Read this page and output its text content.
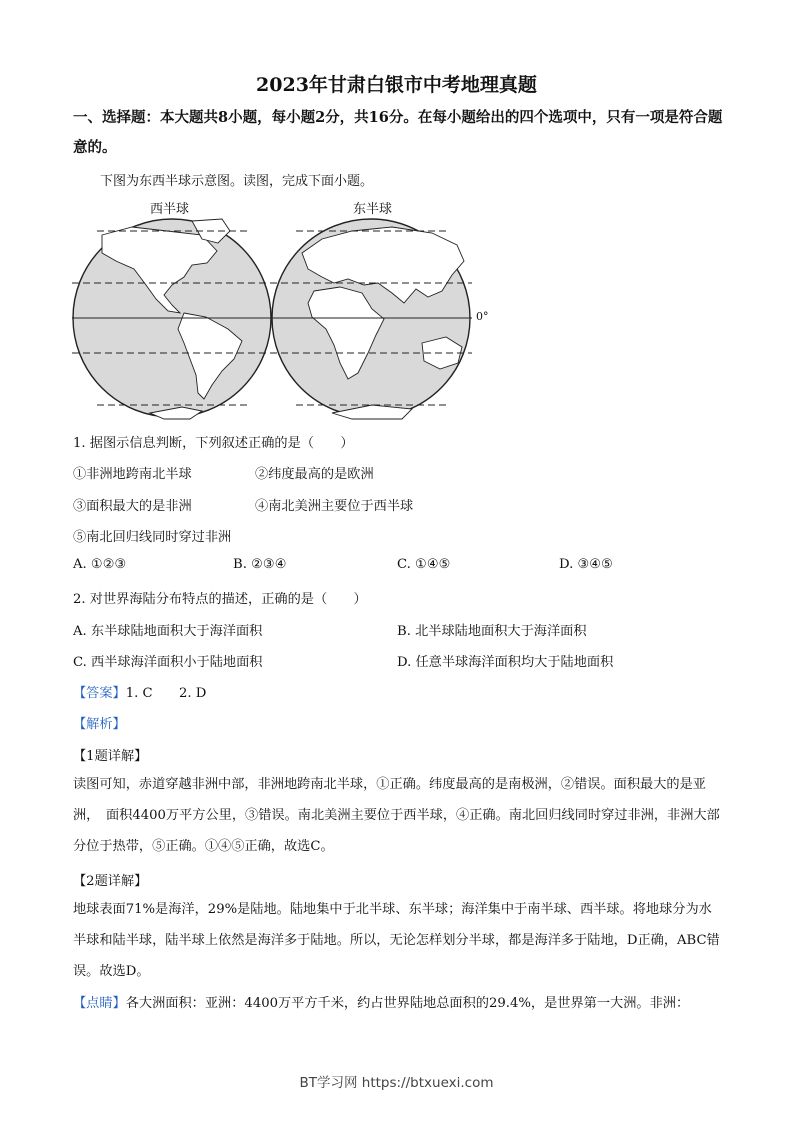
2023年甘肃白银市中考地理真题
一、选择题：本大题共8小题，每小题2分，共16分。在每小题给出的四个选项中，只有一项是符合题意的。
下图为东西半球示意图。读图，完成下面小题。
西半球	东半球
0°
1. 据图示信息判断，下列叙述正确的是（　　）
①非洲地跨南北半球	②纬度最高的是欧洲
③面积最大的是非洲	④南北美洲主要位于西半球
⑤南北回归线同时穿过非洲
A. ①②③	B. ②③④	C. ①④⑤	D. ③④⑤
2. 对世界海陆分布特点的描述，正确的是（　　）
A. 东半球陆地面积大于海洋面积	B. 北半球陆地面积大于海洋面积
C. 西半球海洋面积小于陆地面积	D. 任意半球海洋面积均大于陆地面积
【答案】1. C　　2. D
【解析】
【1题详解】
读图可知，赤道穿越非洲中部，非洲地跨南北半球，①正确。纬度最高的是南极洲，②错误。面积最大的是亚洲，　面积4400万平方公里，③错误。南北美洲主要位于西半球，④正确。南北回归线同时穿过非洲，非洲大部分位于热带，⑤正确。①④⑤正确，故选C。
【2题详解】
地球表面71%是海洋，29%是陆地。陆地集中于北半球、东半球；海洋集中于南半球、西半球。将地球分为水半球和陆半球，陆半球上依然是海洋多于陆地。所以，无论怎样划分半球，都是海洋多于陆地，D正确，ABC错误。故选D。
【点睛】各大洲面积：亚洲：4400万平方千米，约占世界陆地总面积的29.4%，是世界第一大洲。非洲：
BT学习网 https://btxuexi.com
